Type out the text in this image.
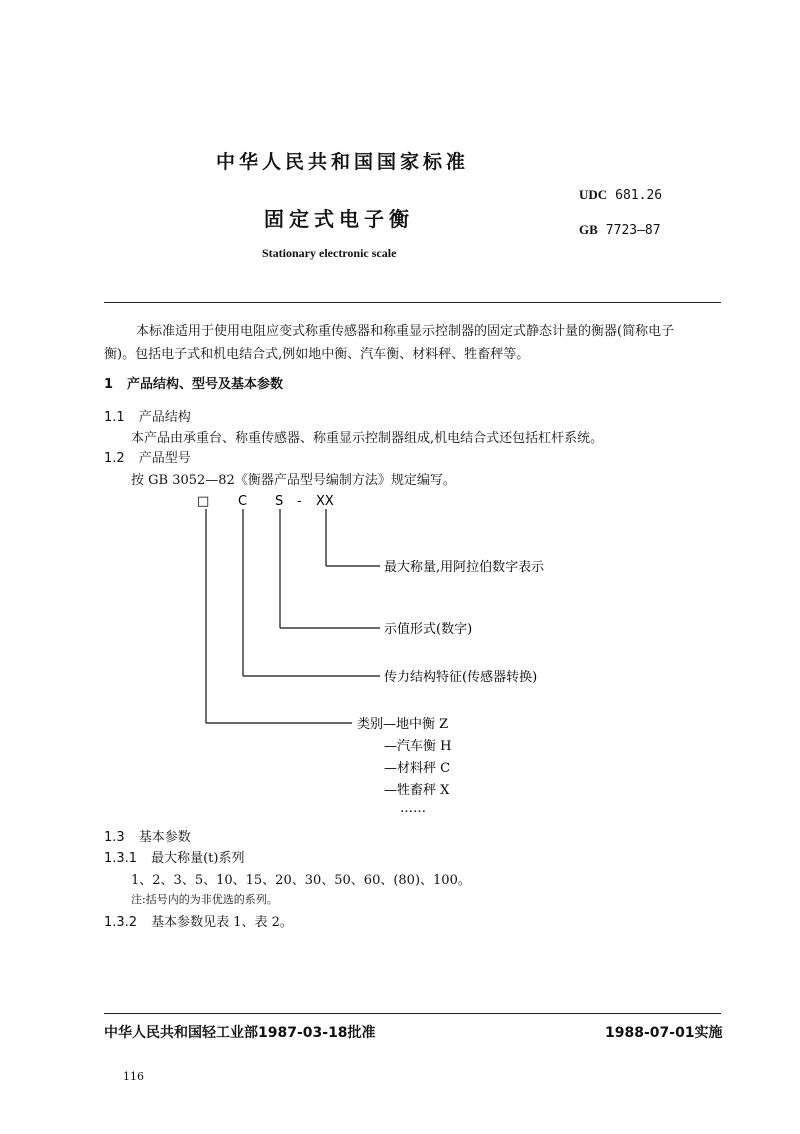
中华人民共和国国家标准
固定式电子衡
Stationary electronic scale
UDC 681.26
GB 7723—87
本标准适用于使用电阻应变式称重传感器和称重显示控制器的固定式静态计量的衡器(简称电子
衡)。包括电子式和机电结合式,例如地中衡、汽车衡、材料秤、牲畜秤等。
1 产品结构、型号及基本参数
1.1 产品结构
本产品由承重台、称重传感器、称重显示控制器组成,机电结合式还包括杠杆系统。
1.2 产品型号
按 GB 3052—82《衡器产品型号编制方法》规定编写。
□ C S - XX
最大称量,用阿拉伯数字表示
示值形式(数字)
传力结构特征(传感器转换)
类别—地中衡 Z
—汽车衡 H
—材料秤 C
—牲畜秤 X
……
1.3 基本参数
1.3.1 最大称量(t)系列
1、2、3、5、10、15、20、30、50、60、(80)、100。
注:括号内的为非优选的系列。
1.3.2 基本参数见表 1、表 2。
中华人民共和国轻工业部1987-03-18批准	1988-07-01实施
116
